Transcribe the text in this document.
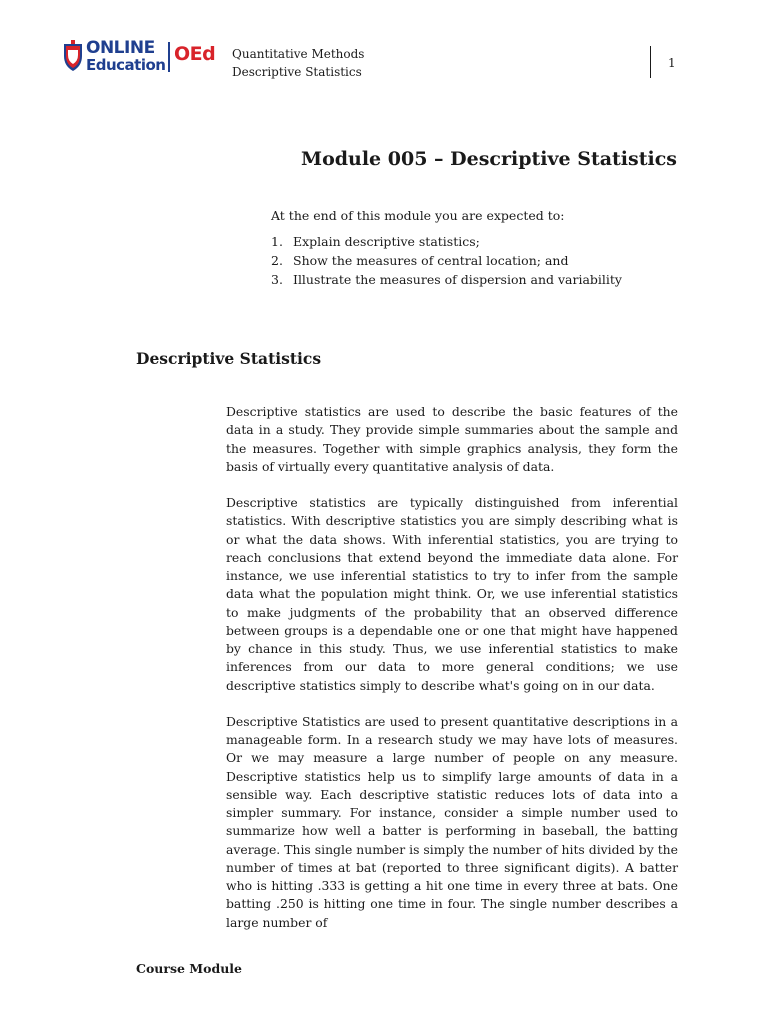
ONLINE
Education OEd Quantitative Methods
Descriptive Statistics
1
Module 005 – Descriptive Statistics

At the end of this module you are expected to:

1. Explain descriptive statistics;
2. Show the measures of central location; and
3. Illustrate the measures of dispersion and variability
Descriptive Statistics

Descriptive statistics are used to describe the basic features of the data in a study. They provide simple summaries about the sample and the measures. Together with simple graphics analysis, they form the basis of virtually every quantitative analysis of data.

Descriptive statistics are typically distinguished from inferential statistics. With descriptive statistics you are simply describing what is or what the data shows. With inferential statistics, you are trying to reach conclusions that extend beyond the immediate data alone. For instance, we use inferential statistics to try to infer from the sample data what the population might think. Or, we use inferential statistics to make judgments of the probability that an observed difference between groups is a dependable one or one that might have happened by chance in this study. Thus, we use inferential statistics to make inferences from our data to more general conditions; we use descriptive statistics simply to describe what's going on in our data.

Descriptive Statistics are used to present quantitative descriptions in a manageable form. In a research study we may have lots of measures. Or we may measure a large number of people on any measure. Descriptive statistics help us to simplify large amounts of data in a sensible way. Each descriptive statistic reduces lots of data into a simpler summary. For instance, consider a simple number used to summarize how well a batter is performing in baseball, the batting average. This single number is simply the number of hits divided by the number of times at bat (reported to three significant digits). A batter who is hitting .333 is getting a hit one time in every three at bats. One batting .250 is hitting one time in four. The single number describes a large number of

Course Module
